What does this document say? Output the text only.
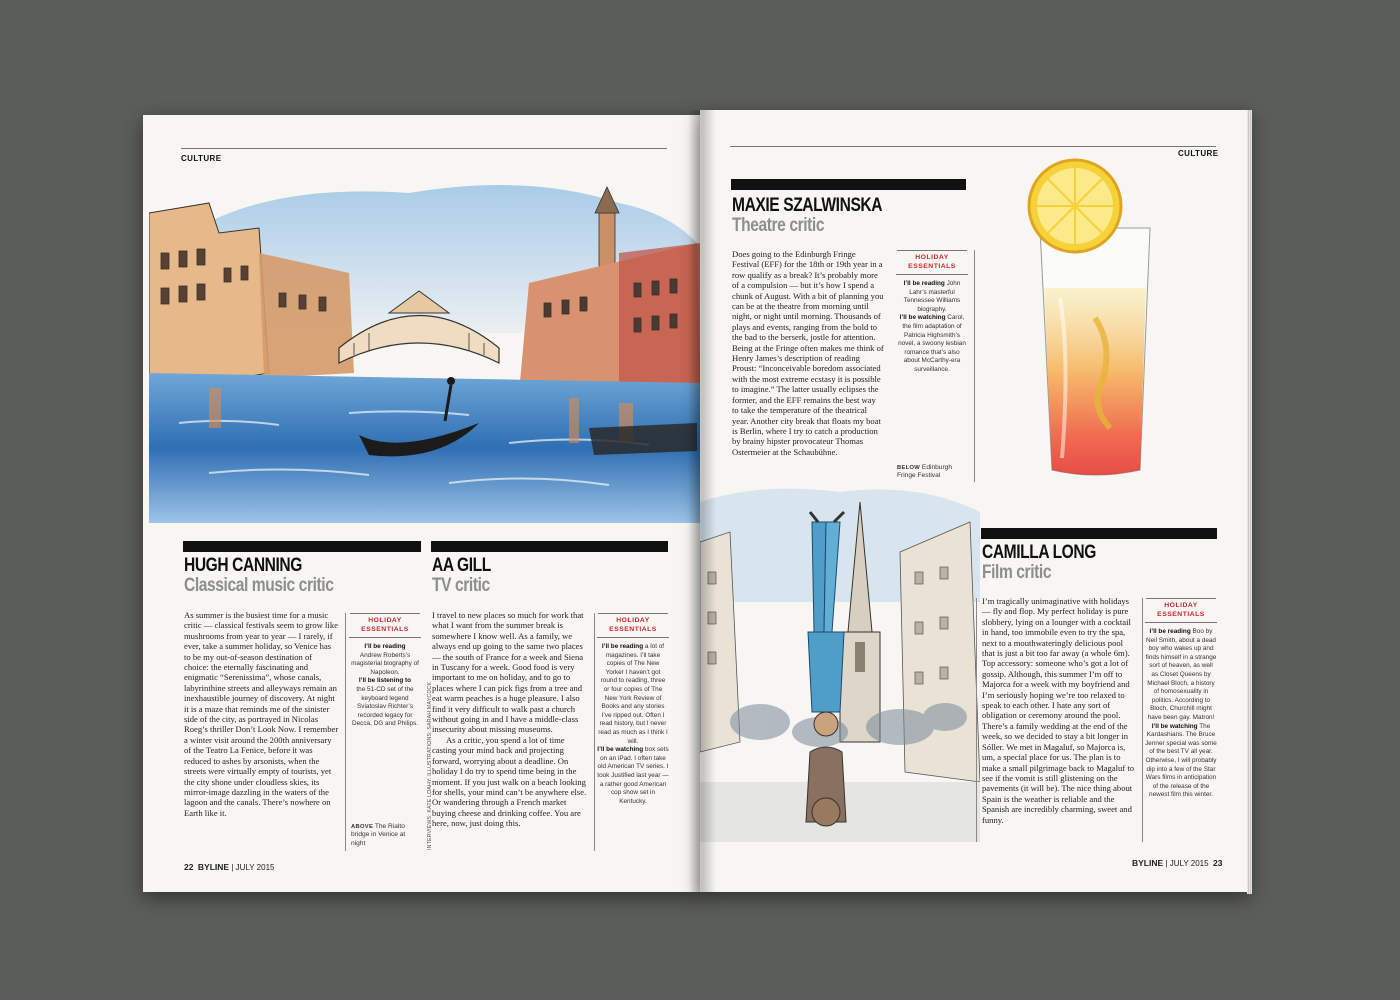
CULTURE
HUGH CANNING
Classical music critic

As summer is the busiest time for a music critic — classical festivals seem to grow like mushrooms from year to year — I rarely, if ever, take a summer holiday, so Venice has to be my out-of-season destination of choice: the eternally fascinating and enigmatic “Serenissima”, whose canals, labyrinthine streets and alleyways remain an inexhaustible journey of discovery. At night it is a maze that reminds me of the sinister side of the city, as portrayed in Nicolas Roeg’s thriller Don’t Look Now. I remember a winter visit around the 200th anniversary of the Teatro La Fenice, before it was reduced to ashes by arsonists, when the streets were virtually empty of tourists, yet the city shone under cloudless skies, its mirror-image dazzling in the waters of the lagoon and the canals. There’s nowhere on Earth like it.

HOLIDAY ESSENTIALS
I’ll be reading
Andrew Roberts’s magisterial biography of Napoleon.
I’ll be listening to
the 51-CD set of the keyboard legend Sviatoslav Richter’s recorded legacy for Decca, DG and Philips.
ABOVE The Rialto bridge in Venice at night	INTERVIEWS: KATE LOAHY. ILLUSTRATIONS: SARAH MAYCOCK
AA GILL
TV critic

I travel to new places so much for work that what I want from the summer break is somewhere I know well. As a family, we always end up going to the same two places — the south of France for a week and Siena in Tuscany for a week. Good food is very important to me on holiday, and to go to places where I can pick figs from a tree and eat warm peaches is a huge pleasure. I also find it very difficult to walk past a church without going in and I have a middle-class insecurity about missing museums.

As a critic, you spend a lot of time casting your mind back and projecting forward, worrying about a deadline. On holiday I do try to spend time being in the moment. If you just walk on a beach looking for shells, your mind can’t be anywhere else. Or wandering through a French market buying cheese and drinking coffee. You are here, now, just doing this.

HOLIDAY ESSENTIALS
I’ll be reading a lot of magazines. I’ll take copies of The New Yorker I haven’t got round to reading, three or four copies of The New York Review of Books and any stories I’ve ripped out. Often I read history, but I never read as much as I think I will.
I’ll be watching box sets on an iPad. I often take old American TV series. I took Justified last year — a rather good American cop show set in Kentucky.
22 BYLINE | JULY 2015
CULTURE
MAXIE SZALWINSKA
Theatre critic

Does going to the Edinburgh Fringe Festival (EFF) for the 18th or 19th year in a row qualify as a break? It’s probably more of a compulsion — but it’s how I spend a chunk of August. With a bit of planning you can be at the theatre from morning until night, or night until morning. Thousands of plays and events, ranging from the bold to the bad to the berserk, jostle for attention. Being at the Fringe often makes me think of Henry James’s description of reading Proust: “Inconceivable boredom associated with the most extreme ecstasy it is possible to imagine.” The latter usually eclipses the former, and the EFF remains the best way to take the temperature of the theatrical year. Another city break that floats my boat is Berlin, where I try to catch a production by brainy hipster provocateur Thomas Ostermeier at the Schaubühne.

HOLIDAY ESSENTIALS
I’ll be reading John Lahr’s masterful Tennessee Williams biography.
I’ll be watching Carol, the film adaptation of Patricia Highsmith’s novel, a swoony lesbian romance that’s also about McCarthy-era surveillance.
BELOW Edinburgh Fringe Festival
CAMILLA LONG
Film critic

I’m tragically unimaginative with holidays — fly and flop. My perfect holiday is pure slobbery, lying on a lounger with a cocktail in hand, too immobile even to try the spa, next to a mouthwateringly delicious pool that is just a bit too far away (a whole 6m). Top accessory: someone who’s got a lot of gossip. Although, this summer I’m off to Majorca for a week with my boyfriend and I’m seriously hoping we’re too relaxed to speak to each other. I hate any sort of obligation or ceremony around the pool. There’s a family wedding at the end of the week, so we decided to stay a bit longer in Sóller. We met in Magaluf, so Majorca is, um, a special place for us. The plan is to make a small pilgrimage back to Magaluf to see if the vomit is still glistening on the pavements (it will be). The nice thing about Spain is the weather is reliable and the Spanish are incredibly charming, sweet and funny.

HOLIDAY ESSENTIALS
I’ll be reading Boo by Neil Smith, about a dead boy who wakes up and finds himself in a strange sort of heaven, as well as Closet Queens by Michael Bloch, a history of homosexuality in politics. According to Bloch, Churchill might have been gay. Matron!
I’ll be watching The Kardashians. The Bruce Jenner special was some of the best TV all year. Otherwise, I will probably dip into a few of the Star Wars films in anticipation of the release of the newest film this winter.
BYLINE | JULY 2015 23
